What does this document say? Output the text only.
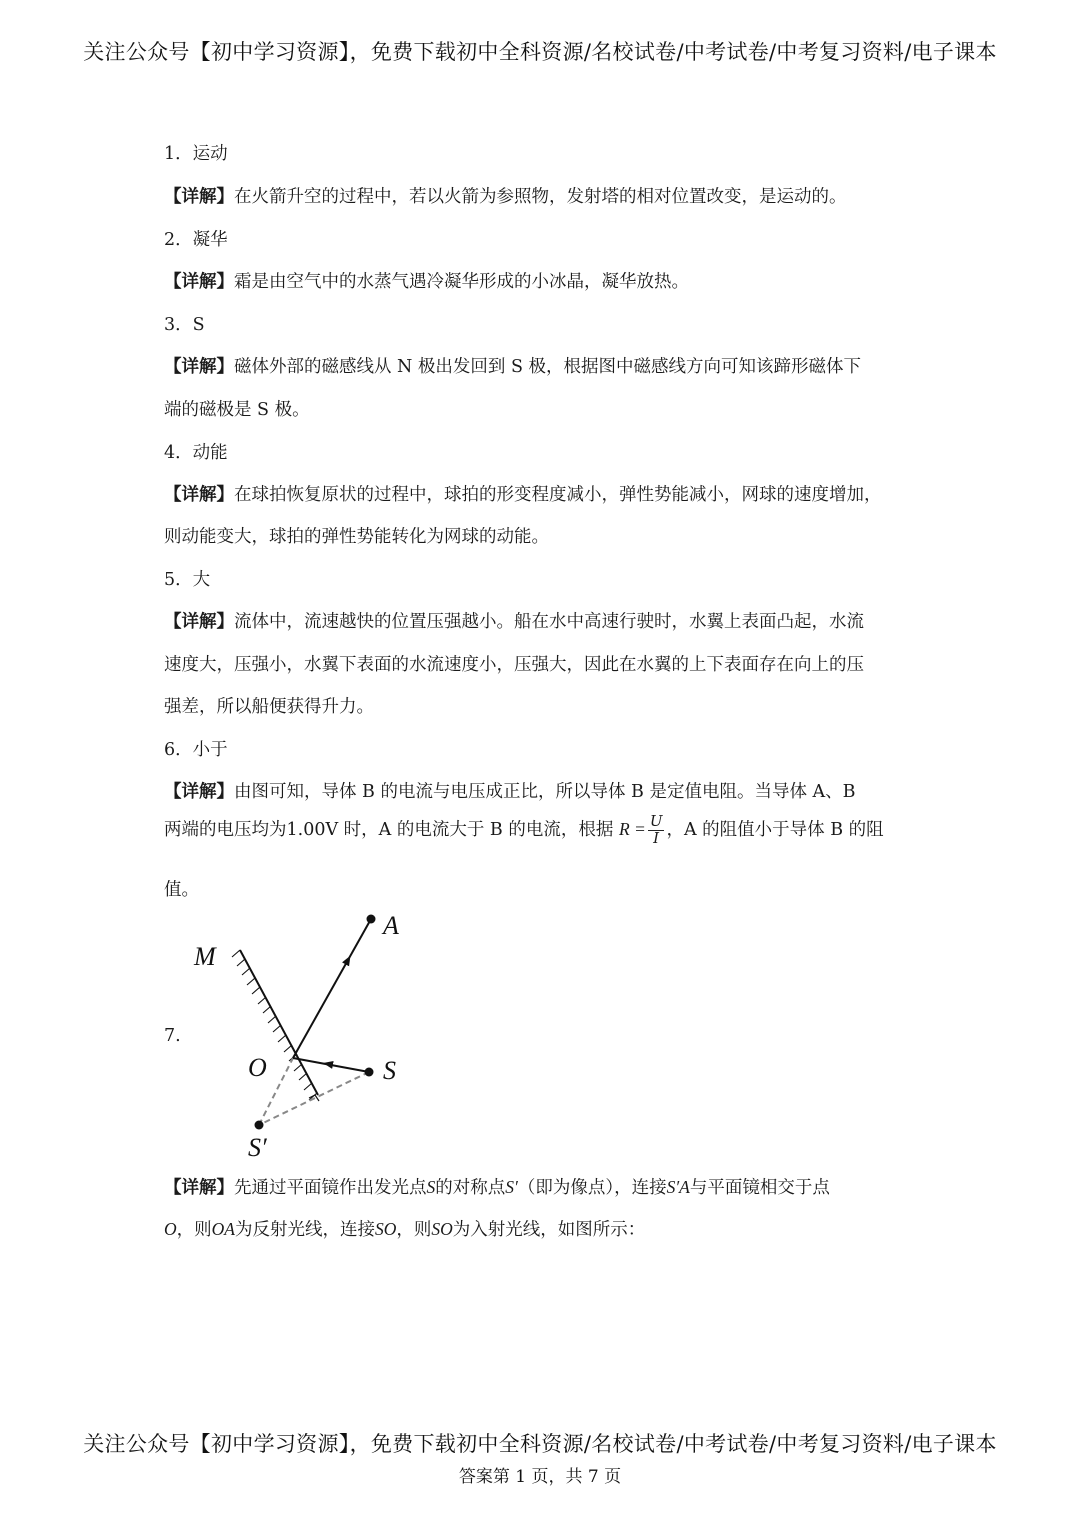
关注公众号【初中学习资源】，免费下载初中全科资源/名校试卷/中考试卷/中考复习资料/电子课本
1．运动
【详解】在火箭升空的过程中，若以火箭为参照物，发射塔的相对位置改变，是运动的。
2．凝华
【详解】霜是由空气中的水蒸气遇冷凝华形成的小冰晶，凝华放热。
3．S
【详解】磁体外部的磁感线从 N 极出发回到 S 极，根据图中磁感线方向可知该蹄形磁体下
端的磁极是 S 极。
4．动能
【详解】在球拍恢复原状的过程中，球拍的形变程度减小，弹性势能减小，网球的速度增加，
则动能变大，球拍的弹性势能转化为网球的动能。
5．大
【详解】流体中，流速越快的位置压强越小。船在水中高速行驶时，水翼上表面凸起，水流
速度大，压强小，水翼下表面的水流速度小，压强大，因此在水翼的上下表面存在向上的压
强差，所以船便获得升力。
6．小于
【详解】由图可知，导体 B 的电流与电压成正比，所以导体 B 是定值电阻。当导体 A、B
两端的电压均为1.00V 时，A 的电流大于 B 的电流，根据 $R = \frac{U}{I}$ ，A 的阻值小于导体 B 的阻
值。
7.
【详解】先通过平面镜作出发光点S的对称点S′（即为像点），连接S′A与平面镜相交于点
O，则OA为反射光线，连接SO，则SO为入射光线，如图所示：
A
M
O	S
S′
关注公众号【初中学习资源】，免费下载初中全科资源/名校试卷/中考试卷/中考复习资料/电子课本
答案第 1 页，共 7 页
